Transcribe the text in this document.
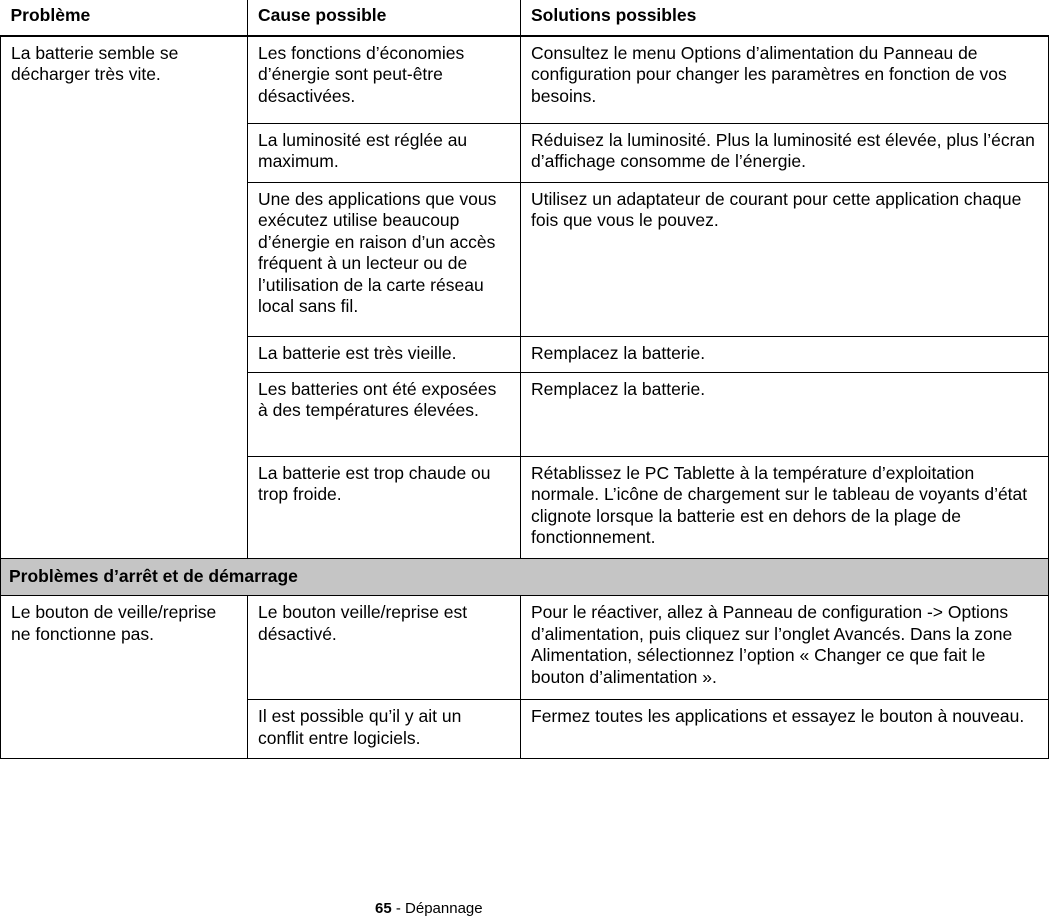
Problème	Cause possible	Solutions possibles
La batterie semble se décharger très vite.	Les fonctions d’économies d’énergie sont peut-être désactivées.	Consultez le menu Options d’alimentation du Panneau de configuration pour changer les paramètres en fonction de vos besoins.
	La luminosité est réglée au maximum.	Réduisez la luminosité. Plus la luminosité est élevée, plus l’écran d’affichage consomme de l’énergie.
	Une des applications que vous exécutez utilise beaucoup d’énergie en raison d’un accès fréquent à un lecteur ou de l’utilisation de la carte réseau local sans fil.	Utilisez un adaptateur de courant pour cette application chaque fois que vous le pouvez.
	La batterie est très vieille.	Remplacez la batterie.
	Les batteries ont été exposées à des températures élevées.	Remplacez la batterie.
	La batterie est trop chaude ou trop froide.	Rétablissez le PC Tablette à la température d’exploitation normale. L’icône de chargement sur le tableau de voyants d’état clignote lorsque la batterie est en dehors de la plage de fonctionnement.
Problèmes d’arrêt et de démarrage		
Le bouton de veille/reprise ne fonctionne pas.	Le bouton veille/reprise est désactivé.	Pour le réactiver, allez à Panneau de configuration -> Options d’alimentation, puis cliquez sur l’onglet Avancés. Dans la zone Alimentation, sélectionnez l’option « Changer ce que fait le bouton d’alimentation ».
	Il est possible qu’il y ait un conflit entre logiciels.	Fermez toutes les applications et essayez le bouton à nouveau.
65 - Dépannage
